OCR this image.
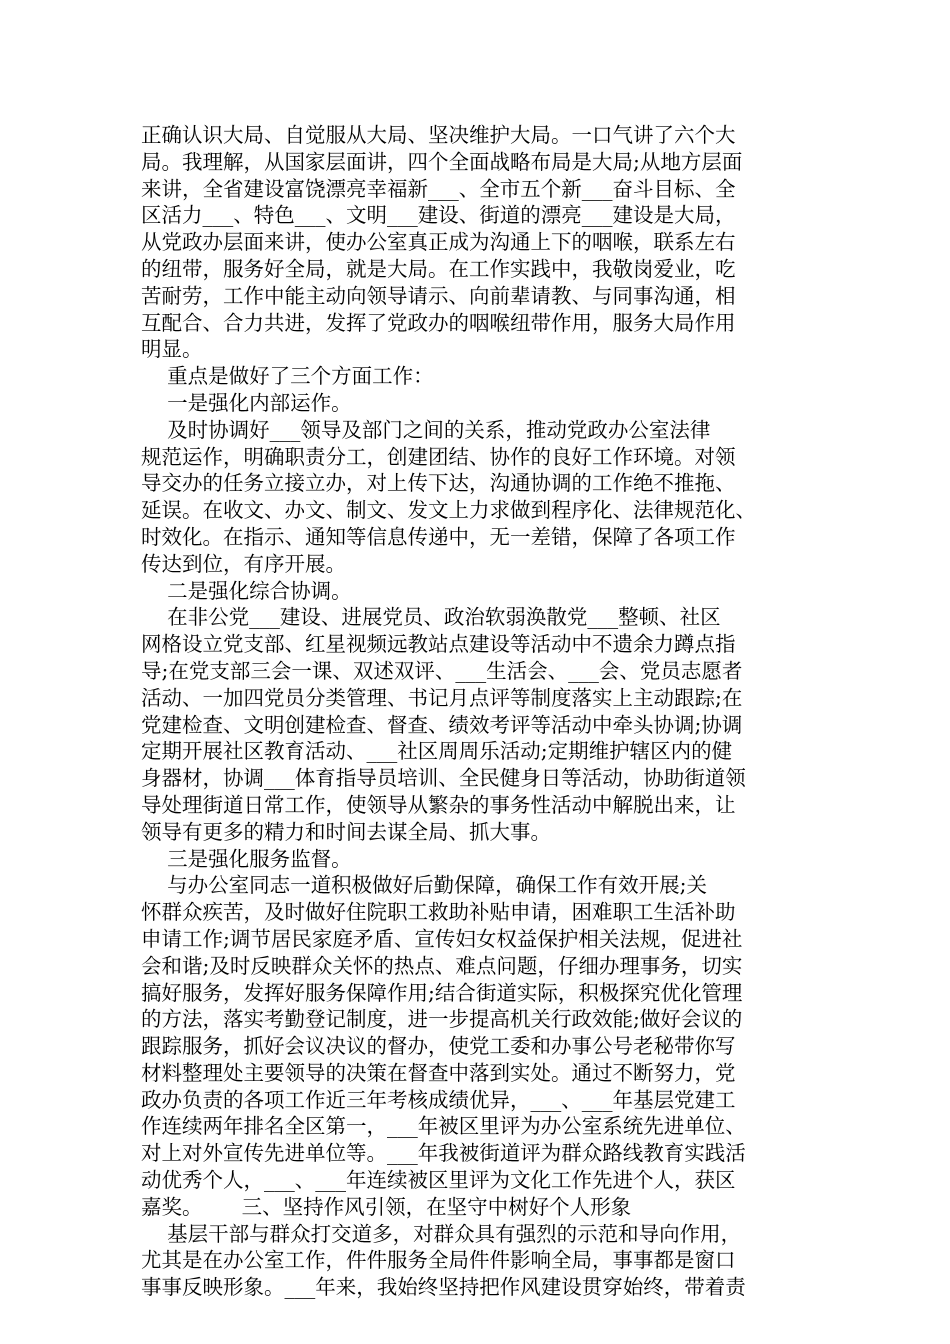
正确认识大局、自觉服从大局、坚决维护大局。一口气讲了六个大
局。我理解，从国家层面讲，四个全面战略布局是大局;从地方层面
来讲，全省建设富饶漂亮幸福新___、全市五个新___奋斗目标、全
区活力___、特色___、文明___建设、街道的漂亮___建设是大局，
从党政办层面来讲，使办公室真正成为沟通上下的咽喉，联系左右
的纽带，服务好全局，就是大局。在工作实践中，我敬岗爱业，吃
苦耐劳，工作中能主动向领导请示、向前辈请教、与同事沟通，相
互配合、合力共进，发挥了党政办的咽喉纽带作用，服务大局作用
明显。
重点是做好了三个方面工作：
一是强化内部运作。
及时协调好___领导及部门之间的关系，推动党政办公室法律
规范运作，明确职责分工，创建团结、协作的良好工作环境。对领
导交办的任务立接立办，对上传下达，沟通协调的工作绝不推拖、
延误。在收文、办文、制文、发文上力求做到程序化、法律规范化、
时效化。在指示、通知等信息传递中，无一差错，保障了各项工作
传达到位，有序开展。
二是强化综合协调。
在非公党___建设、进展党员、政治软弱涣散党___整顿、社区
网格设立党支部、红星视频远教站点建设等活动中不遗余力蹲点指
导;在党支部三会一课、双述双评、___生活会、___会、党员志愿者
活动、一加四党员分类管理、书记月点评等制度落实上主动跟踪;在
党建检查、文明创建检查、督查、绩效考评等活动中牵头协调;协调
定期开展社区教育活动、___社区周周乐活动;定期维护辖区内的健
身器材，协调___体育指导员培训、全民健身日等活动，协助街道领
导处理街道日常工作，使领导从繁杂的事务性活动中解脱出来，让
领导有更多的精力和时间去谋全局、抓大事。
三是强化服务监督。
与办公室同志一道积极做好后勤保障，确保工作有效开展;关
怀群众疾苦，及时做好住院职工救助补贴申请，困难职工生活补助
申请工作;调节居民家庭矛盾、宣传妇女权益保护相关法规，促进社
会和谐;及时反映群众关怀的热点、难点问题，仔细办理事务，切实
搞好服务，发挥好服务保障作用;结合街道实际，积极探究优化管理
的方法，落实考勤登记制度，进一步提高机关行政效能;做好会议的
跟踪服务，抓好会议决议的督办，使党工委和办事公号老秘带你写
材料整理处主要领导的决策在督查中落到实处。通过不断努力，党
政办负责的各项工作近三年考核成绩优异，___、___年基层党建工
作连续两年排名全区第一，___年被区里评为办公室系统先进单位、
对上对外宣传先进单位等。___年我被街道评为群众路线教育实践活
动优秀个人，___、___年连续被区里评为文化工作先进个人，获区
嘉奖。      三、坚持作风引领，在坚守中树好个人形象
基层干部与群众打交道多，对群众具有强烈的示范和导向作用，
尤其是在办公室工作，件件服务全局件件影响全局，事事都是窗口
事事反映形象。___年来，我始终坚持把作风建设贯穿始终，带着责
